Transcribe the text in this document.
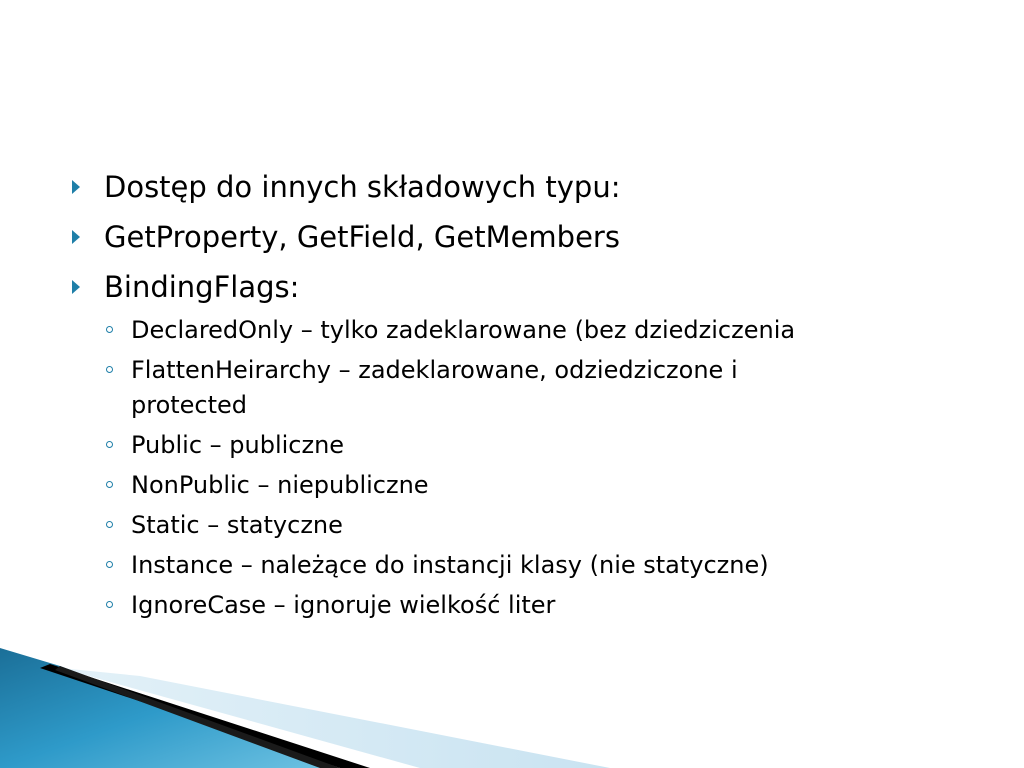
Dostęp do innych składowych typu:
GetProperty, GetField, GetMembers
BindingFlags:
DeclaredOnly – tylko zadeklarowane (bez dziedziczenia
FlattenHeirarchy – zadeklarowane, odziedziczone i
protected
Public – publiczne
NonPublic – niepubliczne
Static – statyczne
Instance – należące do instancji klasy (nie statyczne)
IgnoreCase – ignoruje wielkość liter
